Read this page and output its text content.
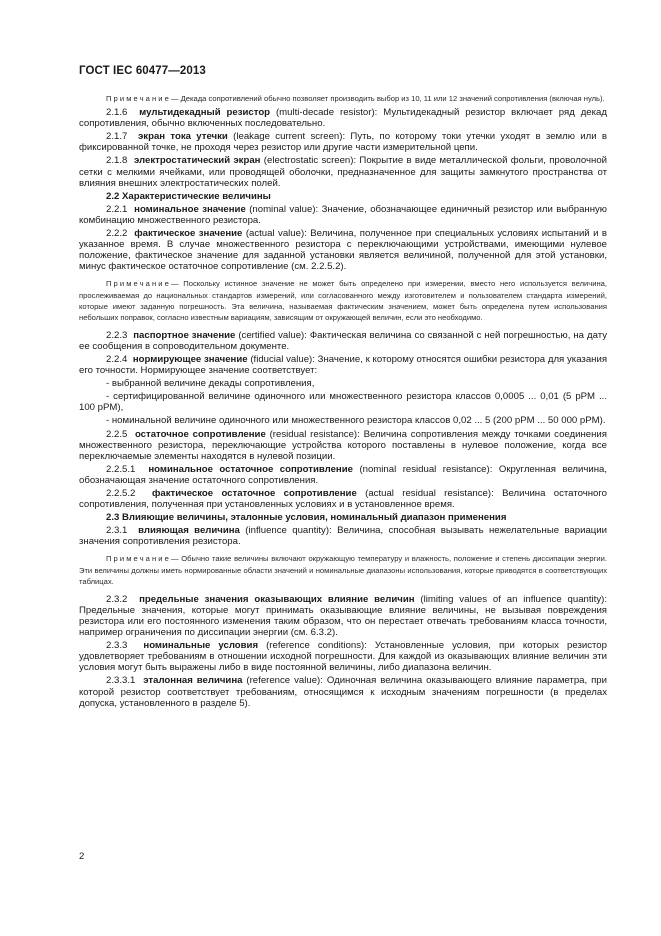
ГОСТ IEC 60477—2013

Примечание— Декада сопротивлений обычно позволяет производить выбор из 10, 11 или 12 значений сопротивления (включая нуль).

2.1.6 мультидекадный резистор (multi-decade resistor): Мультидекадный резистор включает ряд декад сопротивления, обычно включенных последовательно.

2.1.7 экран тока утечки (leakage current screen): Путь, по которому токи утечки уходят в землю или в фиксированной точке, не проходя через резистор или другие части измерительной цепи.

2.1.8 электростатический экран (electrostatic screen): Покрытие в виде металлической фольги, проволочной сетки с мелкими ячейками, или проводящей оболочки, предназначенное для защиты замкнутого пространства от влияния внешних электростатических полей.

2.2 Характеристические величины

2.2.1 номинальное значение (nominal value): Значение, обозначающее единичный резистор или выбранную комбинацию множественного резистора.

2.2.2 фактическое значение (actual value): Величина, полученное при специальных условиях испытаний и в указанное время. В случае множественного резистора с переключающими устройствами, имеющими нулевое положение, фактическое значение для заданной установки является величиной, полученной для этой установки, минус фактическое остаточное сопротивление (см. 2.2.5.2).

Примечание— Поскольку истинное значение не может быть определено при измерении, вместо него используется величина, прослеживаемая до национальных стандартов измерений, или согласованного между изготовителем и пользователем стандарта измерений, которые имеют заданную погрешность. Эта величина, называемая фактическим значением, может быть определена путем использования небольших поправок, согласно известным вариациям, зависящим от окружающей величин, если это необходимо.

2.2.3 паспортное значение (certified value): Фактическая величина со связанной с ней погрешностью, на дату ее сообщения в сопроводительном документе.

2.2.4 нормирующее значение (fiducial value): Значение, к которому относятся ошибки резистора для указания его точности. Нормирующее значение соответствует:

- выбранной величине декады сопротивления,

- сертифицированной величине одиночного или множественного резистора классов 0,0005 ... 0,01 (5 pPM ... 100 pPM),

- номинальной величине одиночного или множественного резистора классов 0,02 ... 5 (200 pPM ... 50 000 pPM).

2.2.5 остаточное сопротивление (residual resistance): Величина сопротивления между точками соединения множественного резистора, переключающие устройства которого поставлены в нулевое положение, когда все переключаемые элементы находятся в нулевой позиции.

2.2.5.1 номинальное остаточное сопротивление (nominal residual resistance): Округленная величина, обозначающая значение остаточного сопротивления.

2.2.5.2 фактическое остаточное сопротивление (actual residual resistance): Величина остаточного сопротивления, полученная при установленных условиях и в установленное время.

2.3 Влияющие величины, эталонные условия, номинальный диапазон применения

2.3.1 влияющая величина (influence quantity): Величина, способная вызывать нежелательные вариации значения сопротивления резистора.

Примечание— Обычно такие величины включают окружающую температуру и влажность, положение и степень диссипации энергии. Эти величины должны иметь нормированные области значений и номинальные диапазоны использования, которые приводятся в соответствующих таблицах.

2.3.2 предельные значения оказывающих влияние величин (limiting values of an influence quantity): Предельные значения, которые могут принимать оказывающие влияние величины, не вызывая повреждения резистора или его постоянного изменения таким образом, что он перестает отвечать требованиям класса точности, например ограничения по диссипации энергии (см. 6.3.2).

2.3.3 номинальные условия (reference conditions): Установленные условия, при которых резистор удовлетворяет требованиям в отношении исходной погрешности. Для каждой из оказывающих влияние величин эти условия могут быть выражены либо в виде постоянной величины, либо диапазона величин.

2.3.3.1 эталонная величина (reference value): Одиночная величина оказывающего влияние параметра, при которой резистор соответствует требованиям, относящимся к исходным значениям погрешности (в пределах допуска, установленного в разделе 5).

2
